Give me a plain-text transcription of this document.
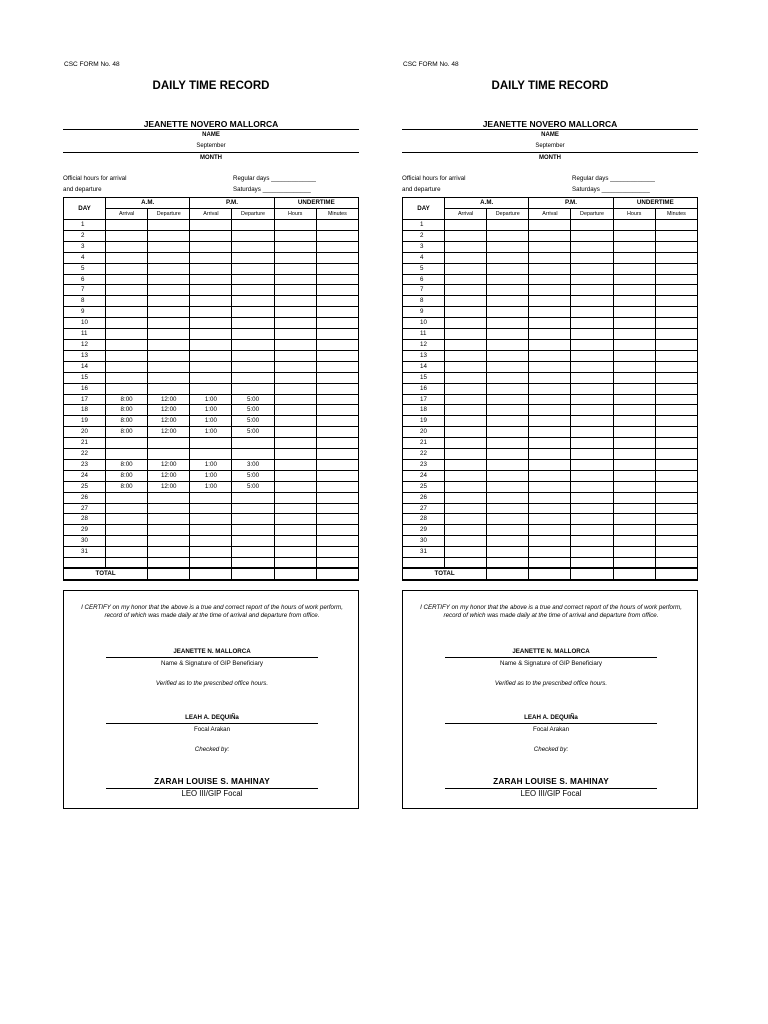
CSC FORM No. 48
DAILY TIME RECORD
JEANETTE NOVERO MALLORCA
NAME
September
MONTH
Official hours for arrival	Regular days _____________
and departure	Saturdays ______________
DAY	A.M.		P.M.		UNDERTIME	
	Arrival	Departure	Arrival	Departure	Hours	Minutes
1						
2						
3						
4						
5						
6						
7						
8						
9						
10						
11						
12						
13						
14						
15						
16						
17	8:00	12:00	1:00	5:00		
18	8:00	12:00	1:00	5:00		
19	8:00	12:00	1:00	5:00		
20	8:00	12:00	1:00	5:00		
21						
22						
23	8:00	12:00	1:00	3:00		
24	8:00	12:00	1:00	5:00		
25	8:00	12:00	1:00	5:00		
26						
27						
28						
29						
30						
31						

TOTAL						
I CERTIFY on my honor that the above is a true and correct report of the hours of work perform, record of which was made daily at the time of arrival and departure from office.
JEANETTE N. MALLORCA
Name & Signature of GIP Beneficiary
Verified as to the prescribed office hours.
LEAH A. DEQUIÑa
Focal Arakan
Checked by:
ZARAH LOUISE S. MAHINAY
LEO III/GIP Focal
CSC FORM No. 48
DAILY TIME RECORD
JEANETTE NOVERO MALLORCA
NAME
September
MONTH
Official hours for arrival	Regular days _____________
and departure	Saturdays ______________
DAY	A.M.		P.M.		UNDERTIME	
	Arrival	Departure	Arrival	Departure	Hours	Minutes
1						
2						
3						
4						
5						
6						
7						
8						
9						
10						
11						
12						
13						
14						
15						
16						
17						
18						
19						
20						
21						
22						
23						
24						
25						
26						
27						
28						
29						
30						
31						

TOTAL						
I CERTIFY on my honor that the above is a true and correct report of the hours of work perform, record of which was made daily at the time of arrival and departure from office.
JEANETTE N. MALLORCA
Name & Signature of GIP Beneficiary
Verified as to the prescribed office hours.
LEAH A. DEQUIÑa
Focal Arakan
Checked by:
ZARAH LOUISE S. MAHINAY
LEO III/GIP Focal
